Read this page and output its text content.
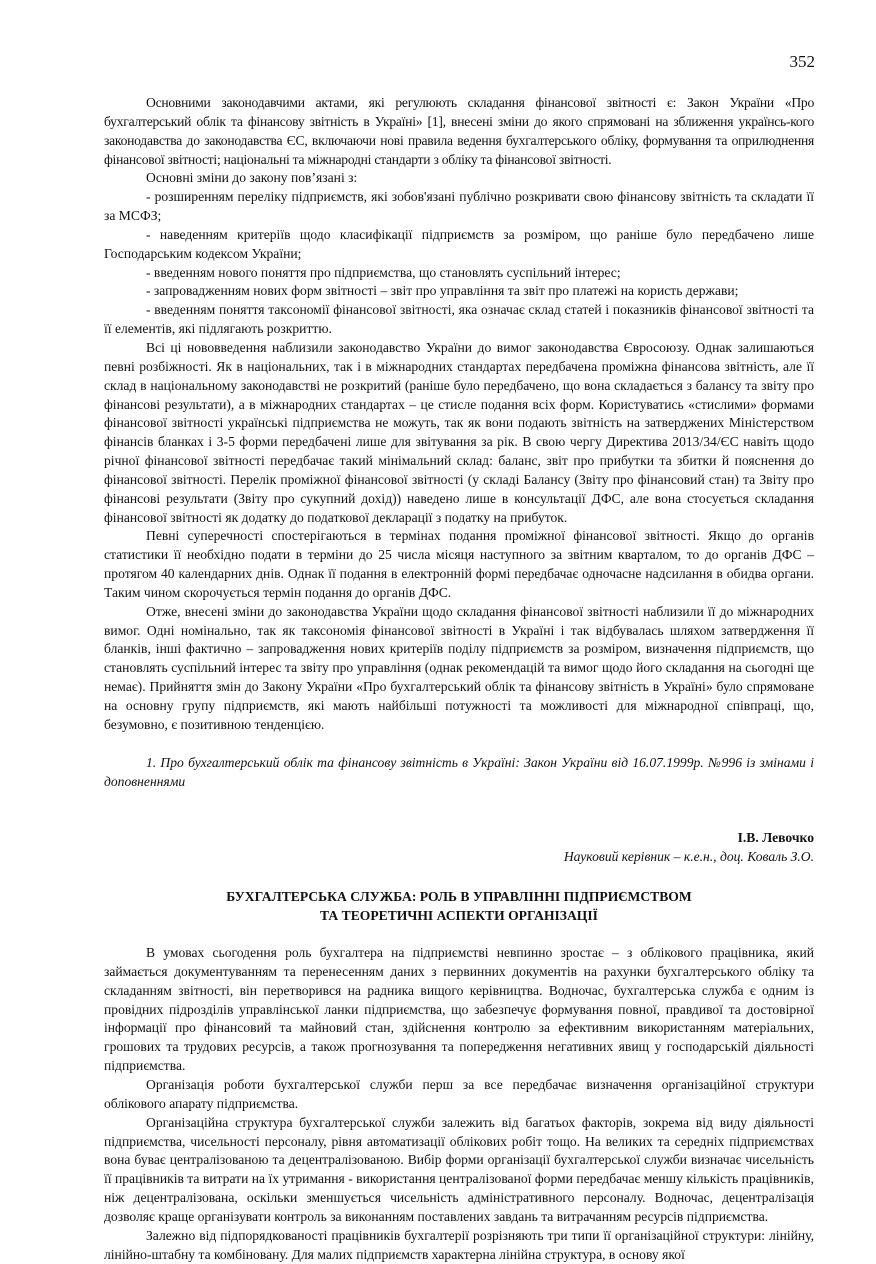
352

Основними законодавчими актами, які регулюють складання фінансової звітності є: Закон України «Про бухгалтерський облік та фінансову звітність в Україні» [1], внесені зміни до якого спрямовані на зближення українсь-кого законодавства до законодавства ЄС, включаючи нові правила ведення бухгалтерського обліку, формування та оприлюднення фінансової звітності; національні та міжнародні стандарти з обліку та фінансової звітності.

Основні зміни до закону пов’язані з:

- розширенням переліку підприємств, які зобов'язані публічно розкривати свою фінансову звітність та складати її за МСФЗ;

- наведенням критеріїв щодо класифікації підприємств за розміром, що раніше було передбачено лише Господарським кодексом України;

- введенням нового поняття про підприємства, що становлять суспільний інтерес;

- запровадженням нових форм звітності – звіт про управління та звіт про платежі на користь держави;

- введенням поняття таксономії фінансової звітності, яка означає склад статей і показників фінансової звітності та її елементів, які підлягають розкриттю.

Всі ці нововведення наблизили законодавство України до вимог законодавства Євросоюзу. Однак залишаються певні розбіжності. Як в національних, так і в міжнародних стандартах передбачена проміжна фінансова звітність, але її склад в національному законодавстві не розкритий (раніше було передбачено, що вона складається з балансу та звіту про фінансові результати), а в міжнародних стандартах – це стисле подання всіх форм. Користуватись «стислими» формами фінансової звітності українські підприємства не можуть, так як вони подають звітність на затверджених Міністерством фінансів бланках і 3-5 форми передбачені лише для звітування за рік. В свою чергу Директива 2013/34/ЄС навіть щодо річної фінансової звітності передбачає такий мінімальний склад: баланс, звіт про прибутки та збитки й пояснення до фінансової звітності. Перелік проміжної фінансової звітності (у складі Балансу (Звіту про фінансовий стан) та Звіту про фінансові результати (Звіту про сукупний дохід)) наведено лише в консультації ДФС, але вона стосується складання фінансової звітності як додатку до податкової декларації з податку на прибуток.

Певні суперечності спостерігаються в термінах подання проміжної фінансової звітності. Якщо до органів статистики її необхідно подати в терміни до 25 числа місяця наступного за звітним кварталом, то до органів ДФС – протягом 40 календарних днів. Однак її подання в електронній формі передбачає одночасне надсилання в обидва органи. Таким чином скорочується термін подання до органів ДФС.

Отже, внесені зміни до законодавства України щодо складання фінансової звітності наблизили її до міжнародних вимог. Одні номінально, так як таксономія фінансової звітності в Україні і так відбувалась шляхом затвердження її бланків, інші фактично – запровадження нових критеріїв поділу підприємств за розміром, визначення підприємств, що становлять суспільний інтерес та звіту про управління (однак рекомендацій та вимог щодо його складання на сьогодні ще немає). Прийняття змін до Закону України «Про бухгалтерський облік та фінансову звітність в Україні» було спрямоване на основну групу підприємств, які мають найбільші потужності та можливості для міжнародної співпраці, що, безумовно, є позитивною тенденцією.

1. Про бухгалтерський облік та фінансову звітність в Україні: Закон України від 16.07.1999р. №996 із змінами і доповненнями

І.В. Левочко

Науковий керівник – к.е.н., доц. Коваль З.О.

БУХГАЛТЕРСЬКА СЛУЖБА: РОЛЬ В УПРАВЛІННІ ПІДПРИЄМСТВОМ
ТА ТЕОРЕТИЧНІ АСПЕКТИ ОРГАНІЗАЦІЇ

В умовах сьогодення роль бухгалтера на підприємстві невпинно зростає – з облікового працівника, який займається документуванням та перенесенням даних з первинних документів на рахунки бухгалтерського обліку та складанням звітності, він перетворився на радника вищого керівництва. Водночас, бухгалтерська служба є одним із провідних підрозділів управлінської ланки підприємства, що забезпечує формування повної, правдивої та достовірної інформації про фінансовий та майновий стан, здійснення контролю за ефективним використанням матеріальних, грошових та трудових ресурсів, а також прогнозування та попередження негативних явищ у господарській діяльності підприємства.

Організація роботи бухгалтерської служби перш за все передбачає визначення організаційної структури облікового апарату підприємства.

Організаційна структура бухгалтерської служби залежить від багатьох факторів, зокрема від виду діяльності підприємства, чисельності персоналу, рівня автоматизації облікових робіт тощо. На великих та середніх підприємствах вона буває централізованою та децентралізованою. Вибір форми організації бухгалтерської служби визначає чисельність її працівників та витрати на їх утримання - використання централізованої форми передбачає меншу кількість працівників, ніж децентралізована, оскільки зменшується чисельність адміністративного персоналу. Водночас, децентралізація дозволяє краще організувати контроль за виконанням поставлених завдань та витрачанням ресурсів підприємства.

Залежно від підпорядкованості працівників бухгалтерії розрізняють три типи її організаційної структури: лінійну, лінійно-штабну та комбіновану. Для малих підприємств характерна лінійна структура, в основу якої
